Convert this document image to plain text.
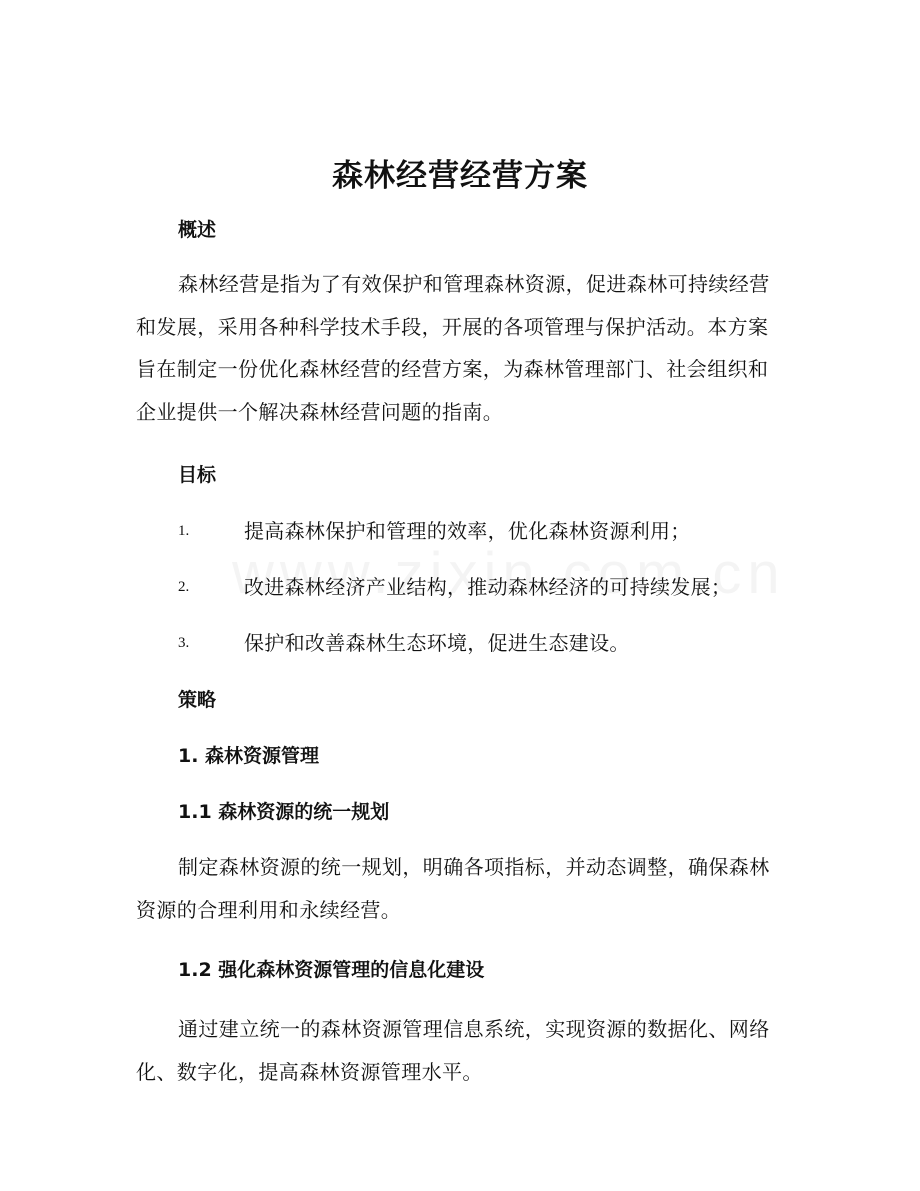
森林经营经营方案
概述
森林经营是指为了有效保护和管理森林资源，促进森林可持续经营和发展，采用各种科学技术手段，开展的各项管理与保护活动。本方案旨在制定一份优化森林经营的经营方案，为森林管理部门、社会组织和企业提供一个解决森林经营问题的指南。
目标
1.	提高森林保护和管理的效率，优化森林资源利用；
2.	改进森林经济产业结构，推动森林经济的可持续发展；
3.	保护和改善森林生态环境，促进生态建设。
策略
1. 森林资源管理
1.1 森林资源的统一规划
制定森林资源的统一规划，明确各项指标，并动态调整，确保森林资源的合理利用和永续经营。
1.2 强化森林资源管理的信息化建设
通过建立统一的森林资源管理信息系统，实现资源的数据化、网络化、数字化，提高森林资源管理水平。
